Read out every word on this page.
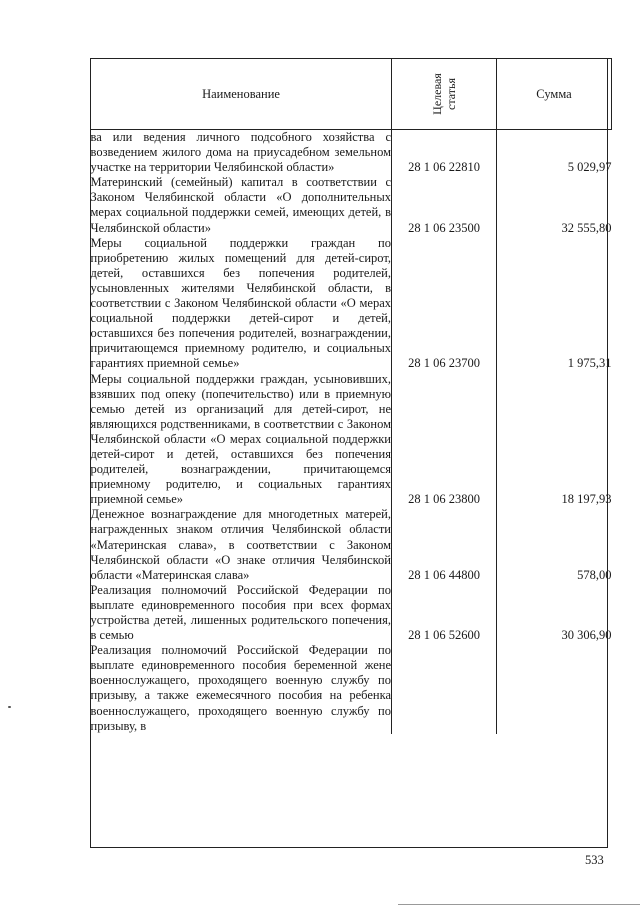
Наименование	Целевая статья	Сумма
ва или ведения личного подсобного хозяйства с возведением жилого дома на приусадебном земельном участке на территории Челябинской области»	28 1 06 22810	5 029,97
Материнский (семейный) капитал в соответствии с Законом Челябинской области «О дополнительных мерах социальной поддержки семей, имеющих детей, в Челябинской области»	28 1 06 23500	32 555,80
Меры социальной поддержки граждан по приобретению жилых помещений для детей-сирот, детей, оставшихся без попечения родителей, усыновленных жителями Челябинской области, в соответствии с Законом Челябинской области «О мерах социальной поддержки детей-сирот и детей, оставшихся без попечения родителей, вознаграждении, причитающемся приемному родителю, и социальных гарантиях приемной семье»	28 1 06 23700	1 975,31
Меры социальной поддержки граждан, усыновивших, взявших под опеку (попечительство) или в приемную семью детей из организаций для детей-сирот, не являющихся родственниками, в соответствии с Законом Челябинской области «О мерах социальной поддержки детей-сирот и детей, оставшихся без попечения родителей, вознаграждении, причитающемся приемному родителю, и социальных гарантиях приемной семье»	28 1 06 23800	18 197,93
Денежное вознаграждение для многодетных матерей, награжденных знаком отличия Челябинской области «Материнская слава», в соответствии с Законом Челябинской области «О знаке отличия Челябинской области «Материнская слава»	28 1 06 44800	578,00
Реализация полномочий Российской Федерации по выплате единовременного пособия при всех формах устройства детей, лишенных родительского попечения, в семью	28 1 06 52600	30 306,90
Реализация полномочий Российской Федерации по выплате единовременного пособия беременной жене военнослужащего, проходящего военную службу по призыву, а также ежемесячного пособия на ребенка военнослужащего, проходящего военную службу по призыву, в		
533
